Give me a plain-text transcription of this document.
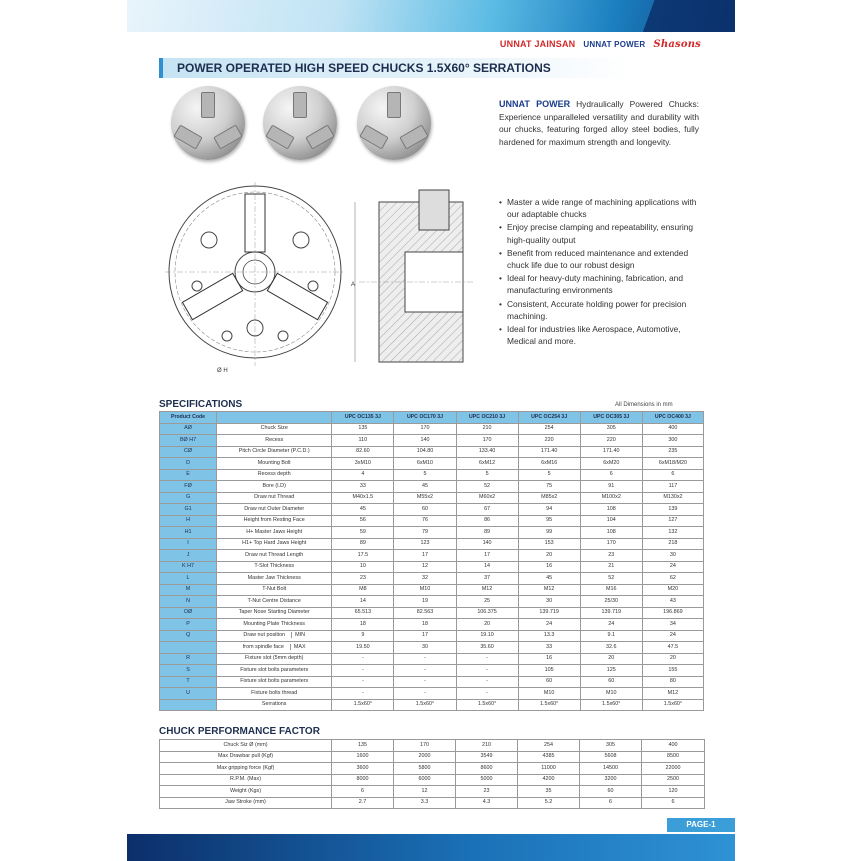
UNNAT JAINSAN UNNAT POWER Shasons
POWER OPERATED HIGH SPEED CHUCKS 1.5X60° SERRATIONS
Ø H
A

UNNAT POWER Hydraulically Powered Chucks: Experience unparalleled versatility and durability with our chucks, featuring forged alloy steel bodies, fully hardened for maximum strength and longevity.

• Master a wide range of machining applications with our adaptable chucks
• Enjoy precise clamping and repeatability, ensuring high-quality output
• Benefit from reduced maintenance and extended chuck life due to our robust design
• Ideal for heavy-duty machining, fabrication, and manufacturing environments
• Consistent, Accurate holding power for precision machining.
• Ideal for industries like Aerospace, Automotive, Medical and more.
SPECIFICATIONS	All Dimensions in mm
Product Code		UPC OC135 3J	UPC OC170 3J	UPC OC210 3J	UPC OC254 3J	UPC OC305 3J	UPC OC400 3J
AØ	Chuck Size	135	170	210	254	305	400
BØ H7	Recess	110	140	170	220	220	300
CØ	Pitch Circle Diameter (P.C.D.)	82.60	104.80	133.40	171.40	171.40	235
D	Mounting Bolt	3xM10	6xM10	6xM12	6xM16	6xM20	6xM18/M20
E	Recess depth	4	5	5	5	6	6
FØ	Bore (I.D)	33	45	52	75	91	117
G	Draw nut Thread	M40x1.5	M55x2	M60x2	M85x2	M100x2	M130x2
G1	Draw nut Outer Diameter	45	60	67	94	108	139
H	Height from Resting Face	56	76	86	95	104	127
H1	H+ Master Jaws Height	59	79	89	99	108	132
I	H1+ Top Hard Jaws Height	89	123	140	153	170	218
J	Draw nut Thread Length	17.5	17	17	20	23	30
K H7	T-Slot Thickness	10	12	14	16	21	24
L	Master Jaw Thickness	23	32	37	45	52	62
M	T-Nut Bolt	M8	M10	M12	M12	M16	M20
N	T-Nut Centre Distance	14	19	25	30	25/30	43
OØ	Taper Nose Starting Diameter	65.513	82.563	106.375	139.719	139.719	196.869
P	Mounting Plate Thickness	18	18	20	24	24	34
Q	Draw nut position MIN	9	17	19.10	13.3	9.1	24
	from spindle face MAX	19.50	30	35.60	33	32.6	47.5
R	Fixture slot (5mm depth)	-	-	-	16	20	20
S	Fixture slot bolts parameters	-	-	-	105	125	155
T	Fixture slot bolts parameters	-	-	-	60	60	80
U	Fixture bolts thread	-	-	-	M10	M10	M12
	Serrations	1.5x60°	1.5x60°	1.5x60°	1.5x60°	1.5x60°	1.5x60°
CHUCK PERFORMANCE FACTOR
Chuck Siz Ø (mm)	135	170	210	254	305	400
Max Drawbar pull (Kgf)	1600	2000	3549	4385	5608	8500
Max gripping force (Kgf)	3600	5800	8600	11000	14500	22000
R.P.M. (Max)	8000	6000	5000	4200	3200	2500
Weight (Kgs)	6	12	23	35	60	120
Jaw Stroke (mm)	2.7	3.3	4.3	5.2	6	6
PAGE-1
